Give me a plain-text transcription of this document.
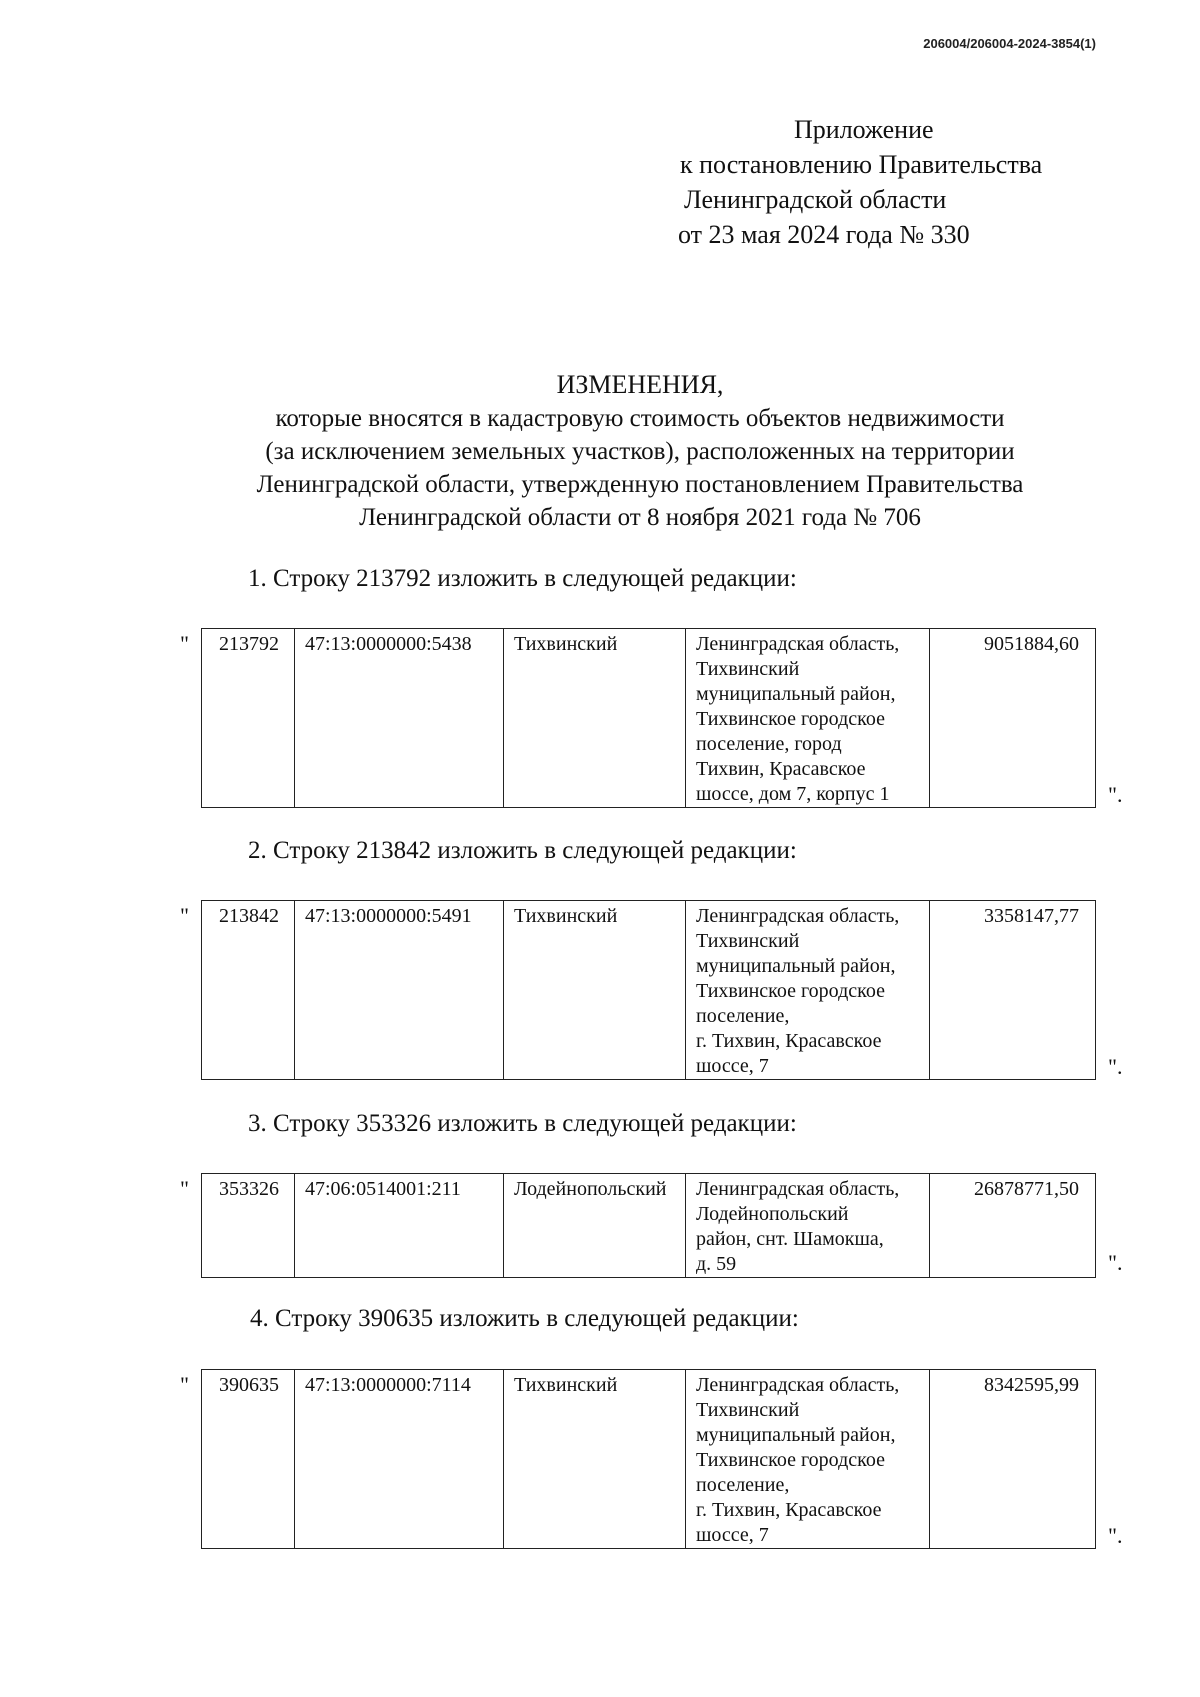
206004/206004-2024-3854(1)
Приложение
к постановлению Правительства
Ленинградской области
от 23 мая 2024 года № 330
ИЗМЕНЕНИЯ,
которые вносятся в кадастровую стоимость объектов недвижимости
(за исключением земельных участков), расположенных на территории
Ленинградской области, утвержденную постановлением Правительства
Ленинградской области от 8 ноября 2021 года № 706
1. Строку 213792 изложить в следующей редакции:
" 213792	47:13:0000000:5438	Тихвинский	Ленинградская область,
Тихвинский
муниципальный район,
Тихвинское городское
поселение, город
Тихвин, Красавское
шоссе, дом 7, корпус 1
	9051884,60
".
2. Строку 213842 изложить в следующей редакции:
" 213842	47:13:0000000:5491	Тихвинский	Ленинградская область,
Тихвинский
муниципальный район,
Тихвинское городское
поселение,
г. Тихвин, Красавское
шоссе, 7
	3358147,77
".
3. Строку 353326 изложить в следующей редакции:
" 353326	47:06:0514001:211	Лодейнопольский	Ленинградская область,
Лодейнопольский
район, снт. Шамокша,
д. 59
	26878771,50
".
4. Строку 390635 изложить в следующей редакции:
" 390635	47:13:0000000:7114	Тихвинский	Ленинградская область,
Тихвинский
муниципальный район,
Тихвинское городское
поселение,
г. Тихвин, Красавское
шоссе, 7
	8342595,99
".
